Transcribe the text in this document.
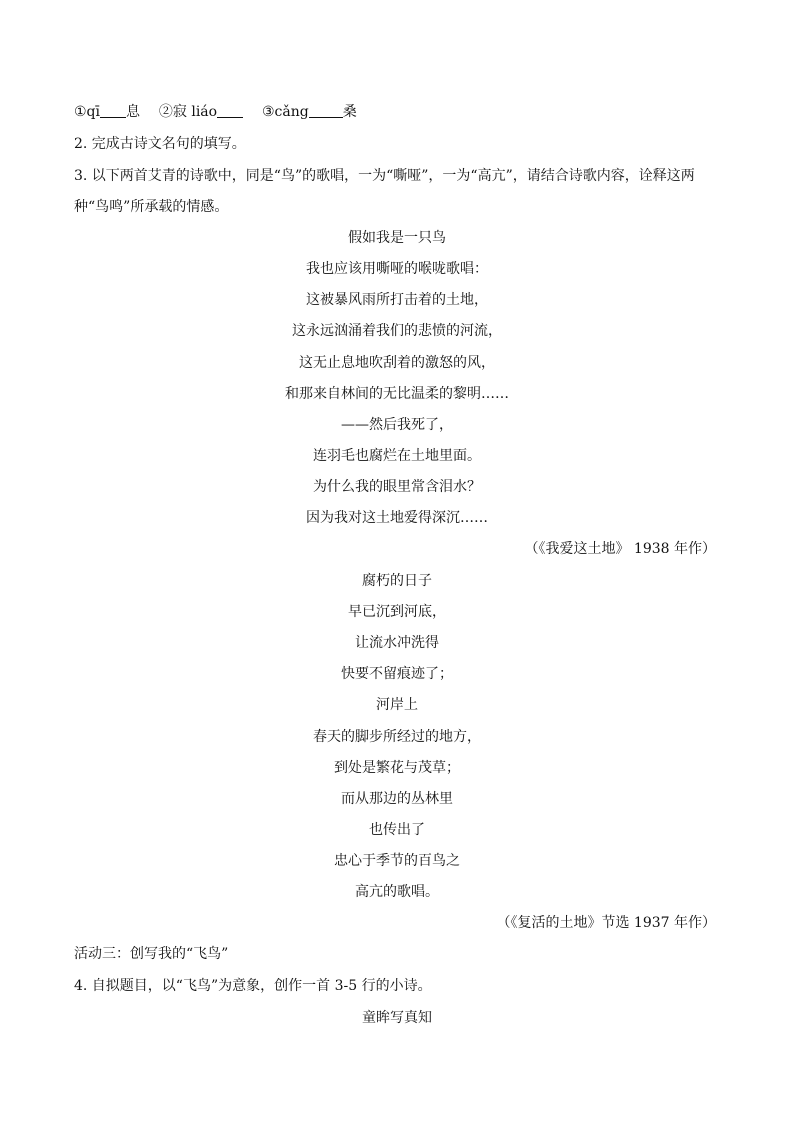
①qī 息 ②寂 liáo	③cǎng 桑
2. 完成古诗文名句的填写。
3. 以下两首艾青的诗歌中，同是“鸟”的歌唱，一为“嘶哑”，一为“高亢”，请结合诗歌内容，诠释这两
种“鸟鸣”所承载的情感。
假如我是一只鸟
我也应该用嘶哑的喉咙歌唱：
这被暴风雨所打击着的土地，
这永远汹涌着我们的悲愤的河流，
这无止息地吹刮着的激怒的风，
和那来自林间的无比温柔的黎明……
——然后我死了，
连羽毛也腐烂在土地里面。
为什么我的眼里常含泪水？
因为我对这土地爱得深沉……
（《我爱这土地》 1938 年作）
腐朽的日子
早已沉到河底，
让流水冲洗得
快要不留痕迹了；
河岸上
春天的脚步所经过的地方，
到处是繁花与茂草；
而从那边的丛林里
也传出了
忠心于季节的百鸟之
高亢的歌唱。
（《复活的土地》节选 1937 年作）
活动三：创写我的“飞鸟”
4. 自拟题目，以“飞鸟”为意象，创作一首 3-5 行的小诗。
童眸写真知
